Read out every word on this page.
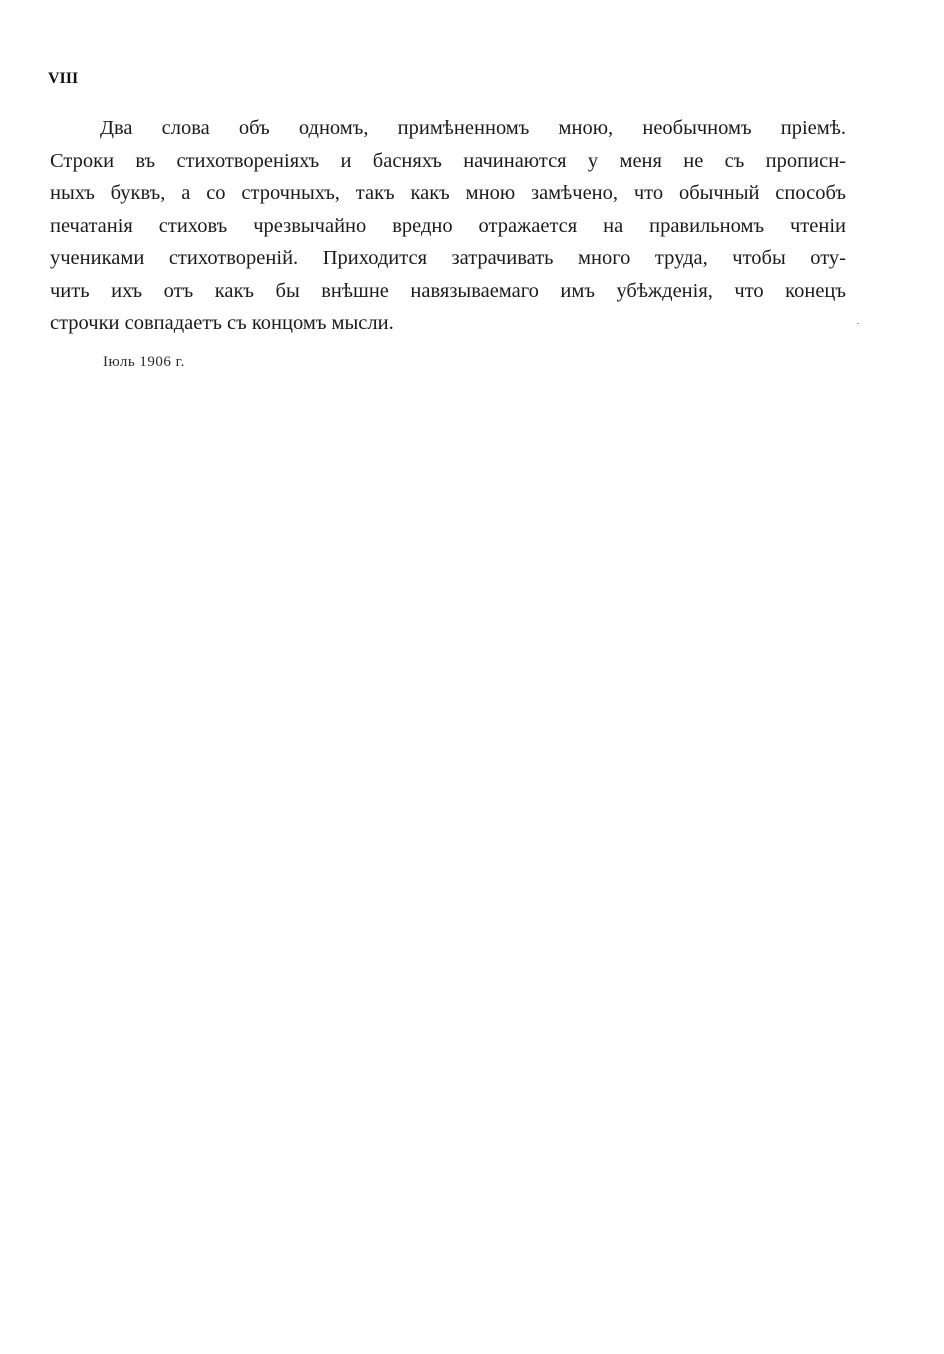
VIII
Два слова объ одномъ, примѣненномъ мною, необычномъ пріемѣ.
Строки въ стихотвореніяхъ и басняхъ начинаются у меня не съ прописн-
ныхъ буквъ, а со строчныхъ, такъ какъ мною замѣчено, что обычный способъ
печатанія стиховъ чрезвычайно вредно отражается на правильномъ чтеніи
учениками стихотвореній. Приходится затрачивать много труда, чтобы оту-
чить ихъ отъ какъ бы внѣшне навязываемаго имъ убѣжденія, что конецъ
строчки совпадаетъ съ концомъ мысли.
Іюль 1906 г.
